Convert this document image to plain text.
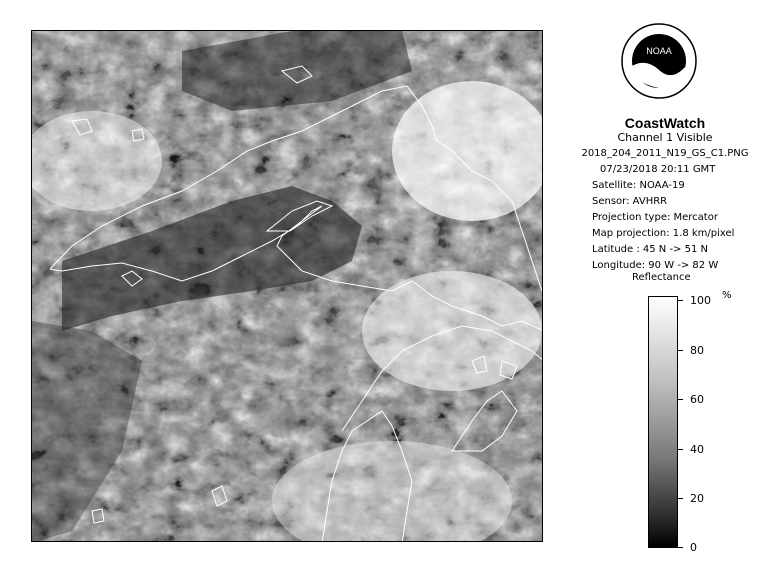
NOAA
CoastWatch
Channel 1 Visible
2018_204_2011_N19_GS_C1.PNG
07/23/2018 20:11 GMT
Satellite: NOAA-19
Sensor: AVHRR
Projection type: Mercator
Map projection: 1.8 km/pixel
Latitude : 45 N -> 51 N
Longitude: 90 W -> 82 W
Reflectance
%
100
80
60
40
20
0
